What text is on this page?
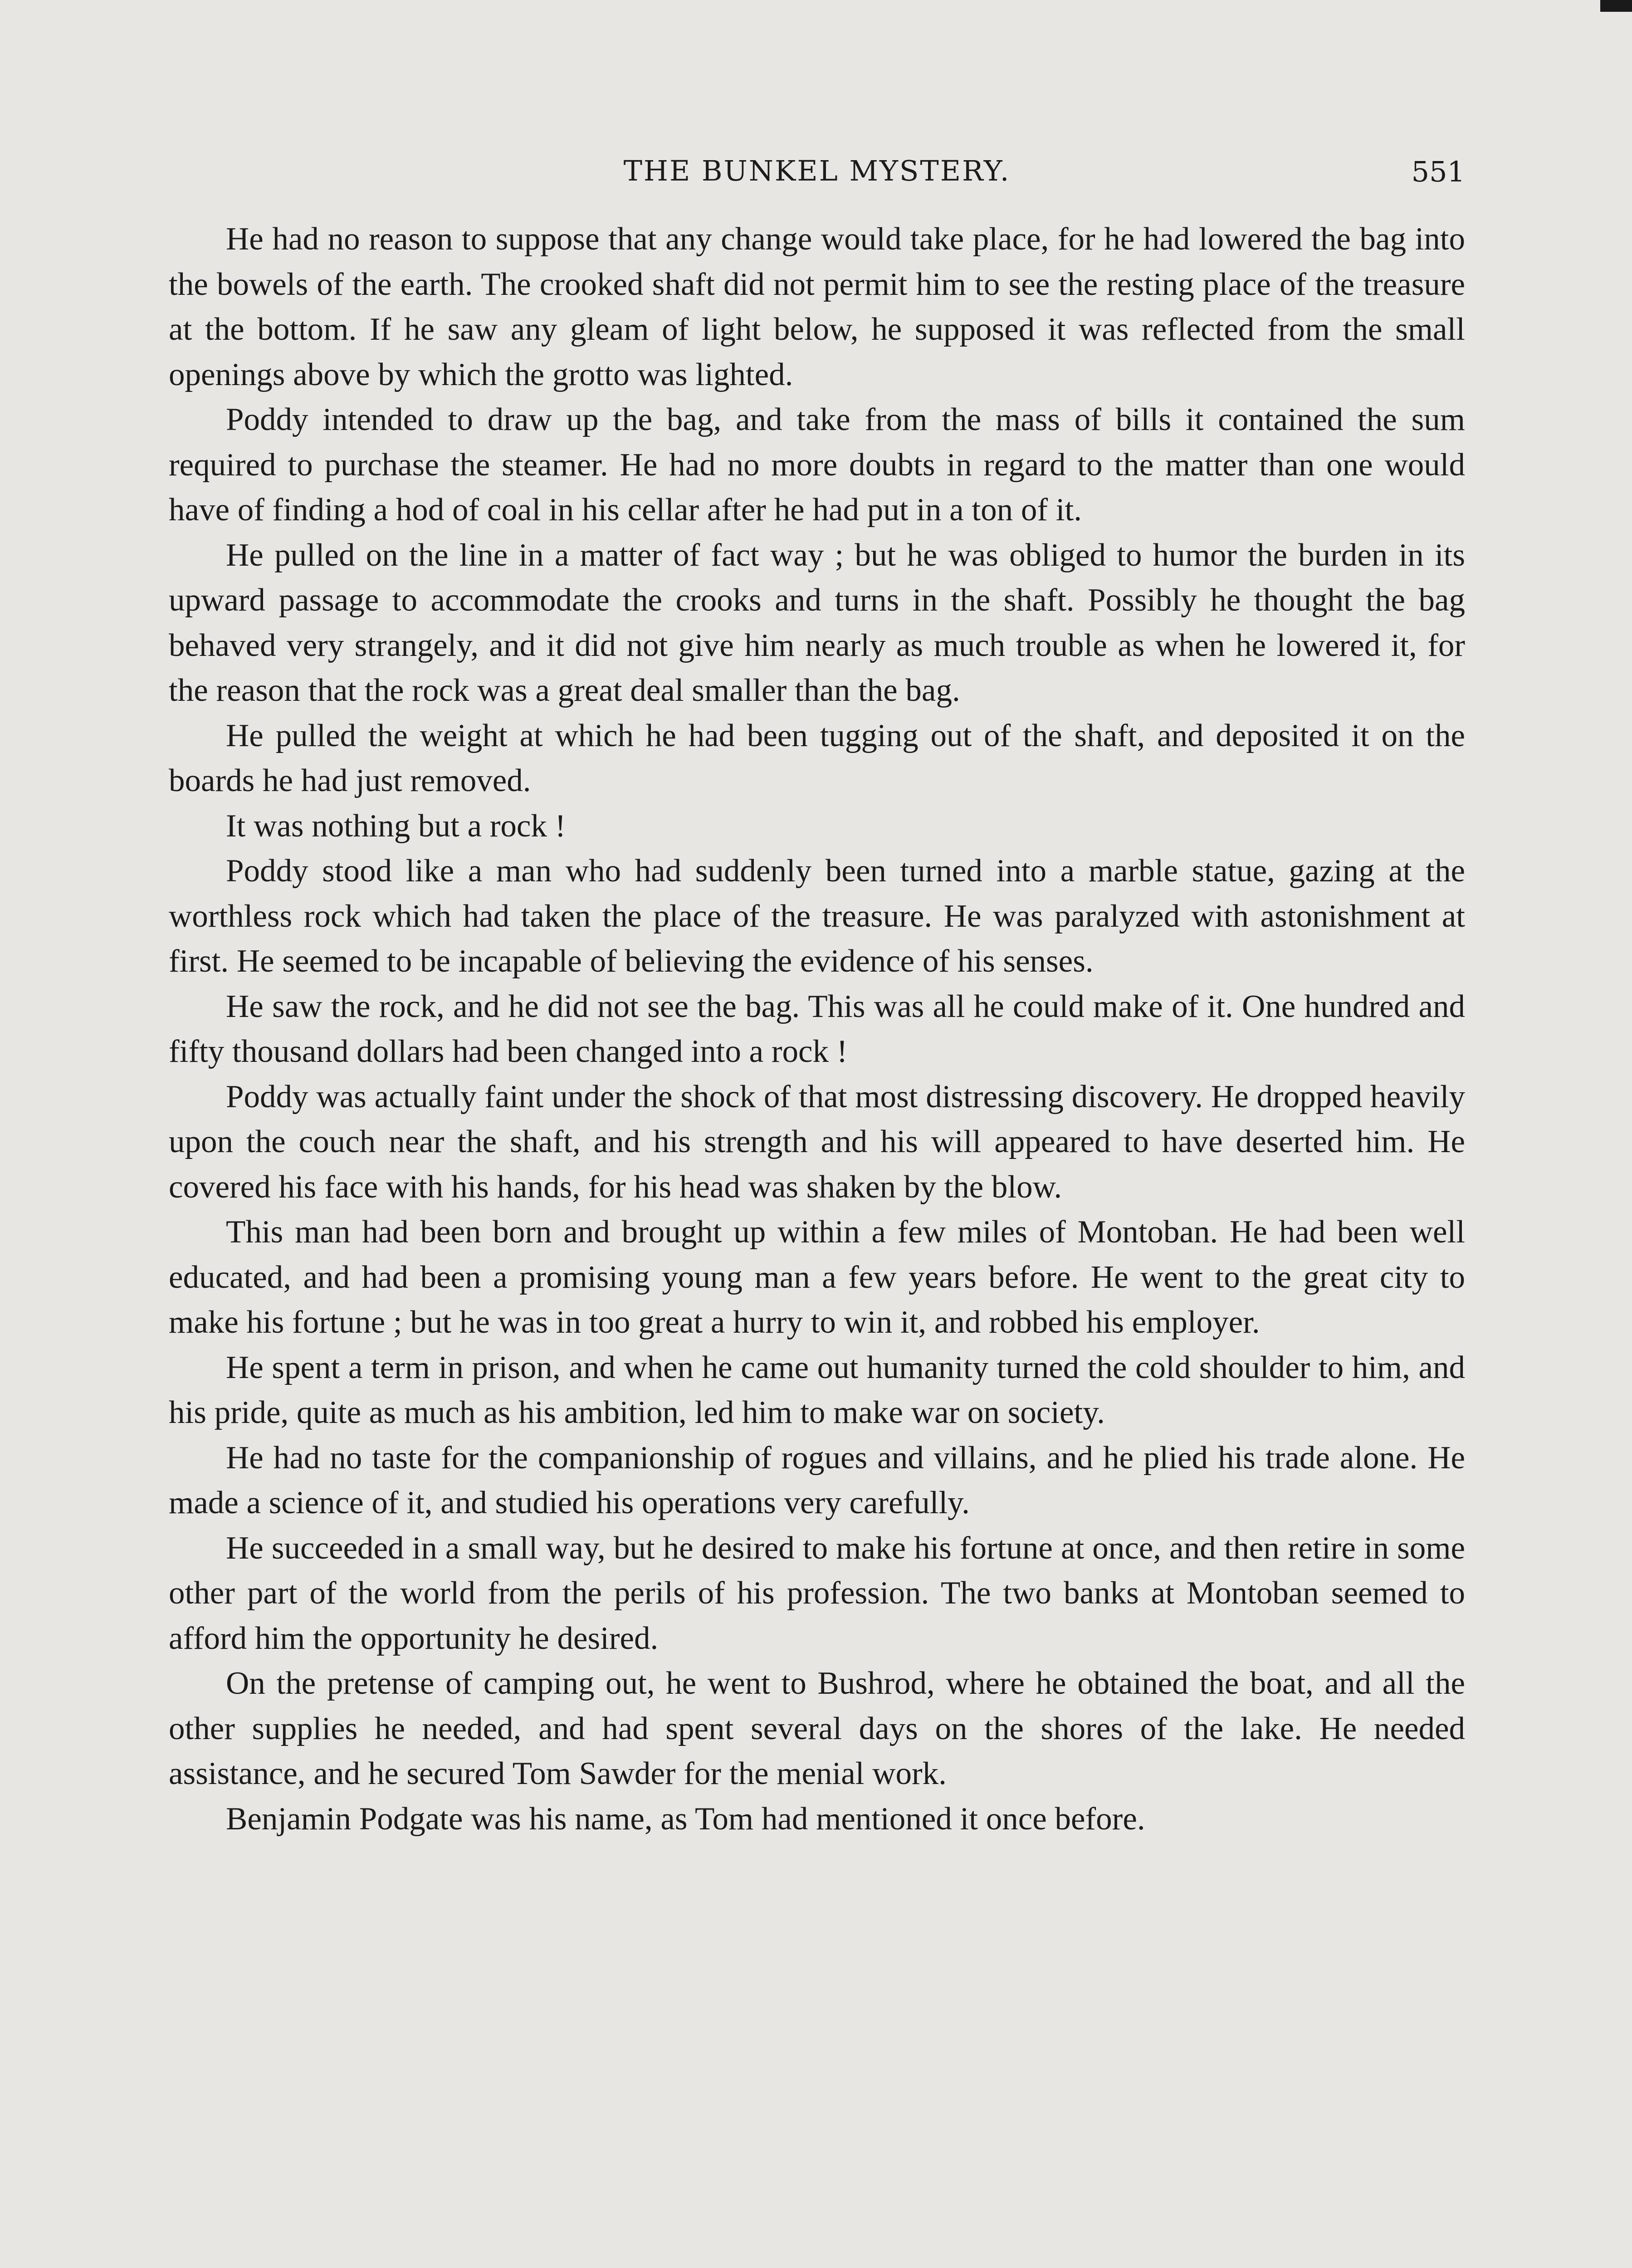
THE BUNKEL MYSTERY.	551

He had no reason to suppose that any change would take place, for he had lowered the bag into the bowels of the earth. The crooked shaft did not permit him to see the resting place of the treasure at the bottom. If he saw any gleam of light below, he supposed it was reflected from the small openings above by which the grotto was lighted.

Poddy intended to draw up the bag, and take from the mass of bills it contained the sum required to purchase the steamer. He had no more doubts in regard to the matter than one would have of finding a hod of coal in his cellar after he had put in a ton of it.

He pulled on the line in a matter of fact way ; but he was obliged to humor the burden in its upward passage to accommodate the crooks and turns in the shaft. Possibly he thought the bag behaved very strangely, and it did not give him nearly as much trouble as when he lowered it, for the reason that the rock was a great deal smaller than the bag.

He pulled the weight at which he had been tugging out of the shaft, and deposited it on the boards he had just removed.

It was nothing but a rock !

Poddy stood like a man who had suddenly been turned into a marble statue, gazing at the worthless rock which had taken the place of the treasure. He was paralyzed with astonishment at first. He seemed to be incapable of believing the evidence of his senses.

He saw the rock, and he did not see the bag. This was all he could make of it. One hundred and fifty thousand dollars had been changed into a rock !

Poddy was actually faint under the shock of that most distressing discovery. He dropped heavily upon the couch near the shaft, and his strength and his will appeared to have deserted him. He covered his face with his hands, for his head was shaken by the blow.

This man had been born and brought up within a few miles of Montoban. He had been well educated, and had been a promising young man a few years before. He went to the great city to make his fortune ; but he was in too great a hurry to win it, and robbed his employer.

He spent a term in prison, and when he came out humanity turned the cold shoulder to him, and his pride, quite as much as his ambition, led him to make war on society.

He had no taste for the companionship of rogues and villains, and he plied his trade alone. He made a science of it, and studied his operations very carefully.

He succeeded in a small way, but he desired to make his fortune at once, and then retire in some other part of the world from the perils of his profession. The two banks at Montoban seemed to afford him the opportunity he desired.

On the pretense of camping out, he went to Bushrod, where he obtained the boat, and all the other supplies he needed, and had spent several days on the shores of the lake. He needed assistance, and he secured Tom Sawder for the menial work.

Benjamin Podgate was his name, as Tom had mentioned it once before.
